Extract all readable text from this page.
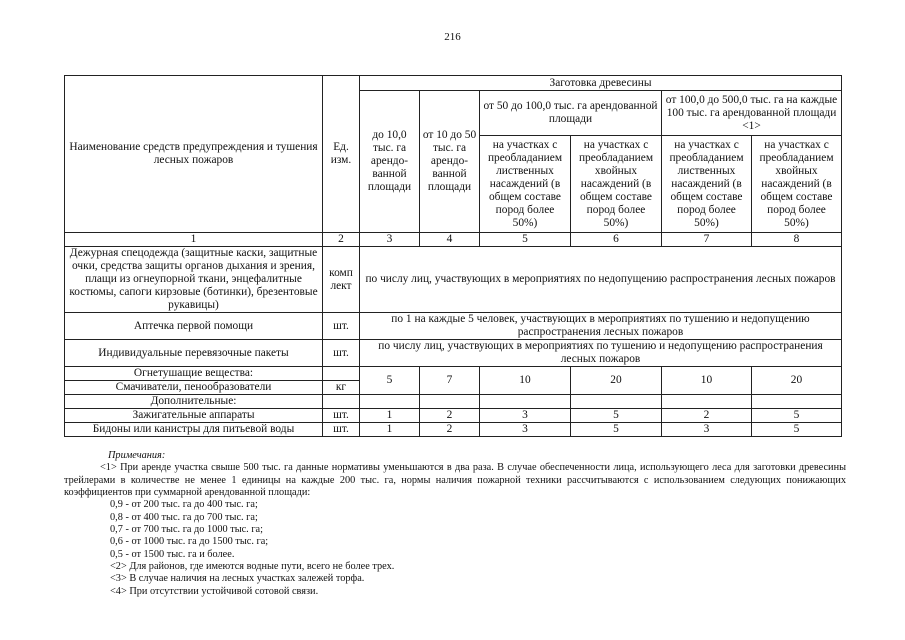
216
Наименование средств предупреждения и тушения лесных пожаров	Ед. изм.	Заготовка древесины					
		до 10,0 тыс. га арендо-ванной площади	от 10 до 50 тыс. га арендо-ванной площади	от 50 до 100,0 тыс. га арендованной площади		от 100,0 до 500,0 тыс. га на каждые 100 тыс. га арендованной площади <1>	
				на участках с преобладанием лиственных насаждений (в общем составе пород более 50%)	на участках с преобладанием хвойных насаждений (в общем составе пород более 50%)	на участках с преобладанием лиственных насаждений (в общем составе пород более 50%)	на участках с преобладанием хвойных насаждений (в общем составе пород более 50%)

1	2	3	4	5	6	7	8
Дежурная спецодежда (защитные каски, защитные очки, средства защиты органов дыхания и зрения, плащи из огнеупорной ткани, энцефалитные костюмы, сапоги кирзовые (ботинки), брезентовые рукавицы)	комп лект	по числу лиц, участвующих в мероприятиях по недопущению распространения лесных пожаров					
Аптечка первой помощи	шт.	по 1 на каждые 5 человек, участвующих в мероприятиях по тушению и недопущению распространения лесных пожаров					
Индивидуальные перевязочные пакеты	шт.	по числу лиц, участвующих в мероприятиях по тушению и недопущению распространения лесных пожаров					
Огнетушащие вещества:		5	7	10	20	10	20
Смачиватели, пенообразователи	кг						
Дополнительные:							
Зажигательные аппараты	шт.	1	2	3	5	2	5
Бидоны или канистры для питьевой воды	шт.	1	2	3	5	3	5
Примечания:
<1> При аренде участка свыше 500 тыс. га данные нормативы уменьшаются в два раза. В случае обеспеченности лица, использующего леса для заготовки древесины трейлерами в количестве не менее 1 единицы на каждые 200 тыс. га, нормы наличия пожарной техники рассчитываются с использованием следующих понижающих коэффициентов при суммарной арендованной площади:
0,9 - от 200 тыс. га до 400 тыс. га;
0,8 - от 400 тыс. га до 700 тыс. га;
0,7 - от 700 тыс. га до 1000 тыс. га;
0,6 - от 1000 тыс. га до 1500 тыс. га;
0,5 - от 1500 тыс. га и более.
<2> Для районов, где имеются водные пути, всего не более трех.
<3> В случае наличия на лесных участках залежей торфа.
<4> При отсутствии устойчивой сотовой связи.
